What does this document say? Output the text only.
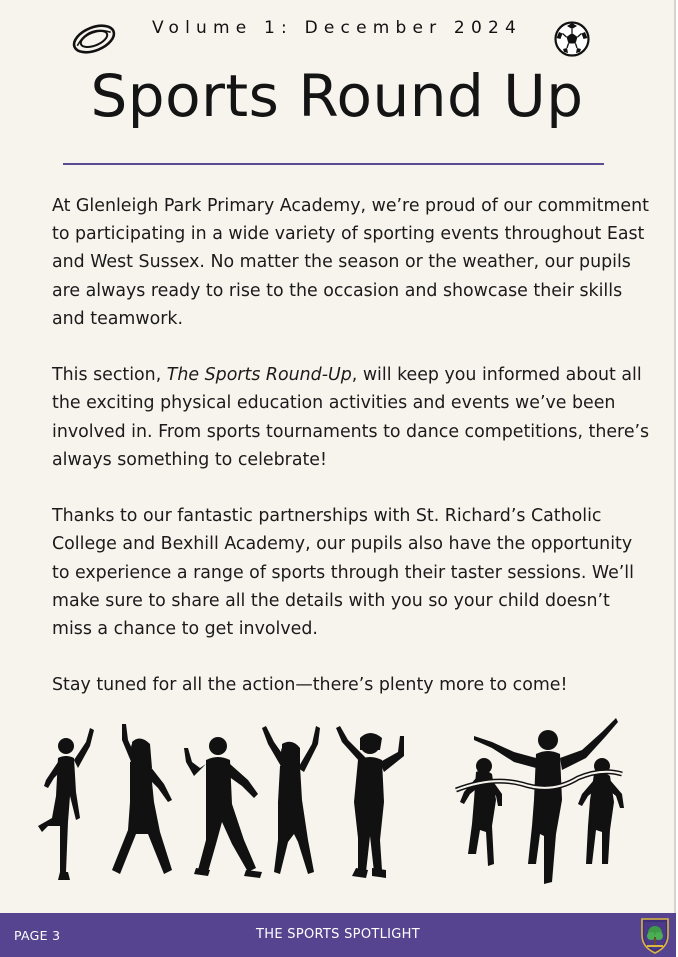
Volume 1: December 2024
Sports Round Up

At Glenleigh Park Primary Academy, we’re proud of our commitment to participating in a wide variety of sporting events throughout East and West Sussex. No matter the season or the weather, our pupils are always ready to rise to the occasion and showcase their skills and teamwork.

This section, The Sports Round-Up, will keep you informed about all the exciting physical education activities and events we’ve been involved in. From sports tournaments to dance competitions, there’s always something to celebrate!

Thanks to our fantastic partnerships with St. Richard’s Catholic College and Bexhill Academy, our pupils also have the opportunity to experience a range of sports through their taster sessions. We’ll make sure to share all the details with you so your child doesn’t miss a chance to get involved.

Stay tuned for all the action—there’s plenty more to come!

PAGE 3	THE SPORTS SPOTLIGHT
